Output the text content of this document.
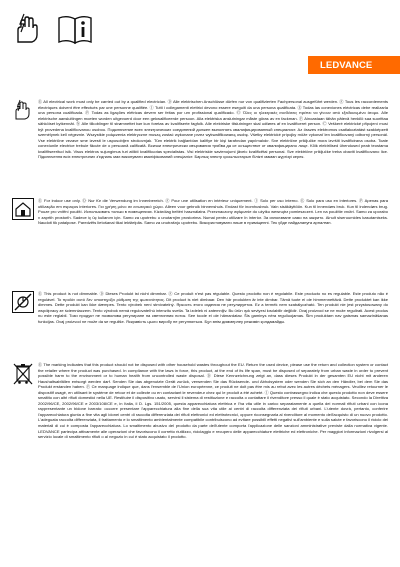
LEDVANCE
Ⓔ All electrical work must only be carried out by a qualified electrician. Ⓓ Alle elektrischen Anschlüsse dürfen nur von qualifizierten Fachpersonal ausgeführt werden. Ⓕ Tous les raccordements électriques doivent être effectués par une personne qualifiée. Ⓘ Tutti i collegamenti elettrici devono essere eseguiti da una persona qualificata. Ⓔ Todas las conexiones eléctricas debe realizarla una persona cualificada. Ⓟ Todas as ligações elétricas devem ser feitas por um profissional qualificado. Ⓖ Όλες οι ηλεκτρικές συνδέσεις πρέπει να γίνουν από εξειδικευμένο άτομο. Alle elektrische aansluitingen moeten worden uitgevoerd door een gekwalificeerde persoon. Alla elektriska anslutningar måste göras av en fackman. Ⓕ Ainoastaan tähän pätevä henkilö saa suorittaa sähköiset kytkennät. Ⓝ Alle tilkoblinger til strømnettet bør kun foretas av kvalifiserte fagfolk. Alle elektriske tilslutninger skal udføres af en kvalificeret person. Ⓒ Veškeré elektrické připojení musí být provedena kvalifikovanou osobou. Подключение всех электрических соединений должен выполнять квалифицированный специалист. Az összes elektromos csatlakoztatást szakképzett személynek kell végeznie. Wszystkie połączenia elektryczne muszą zostać wykonane przez wykwalifikowaną osobę. Všetky elektrické prípojky môže vykonať len kvalifikovaný odborný personál. Vse električne vezave sme izvesti le usposobljen strokovnjak. Tüm elektrik bağlantıları kalifiye bir kişi tarafından yapılmalıdır. Sve električne priključke mora izvršiti kvalificirana osoba. Toate conexiunile electrice trebuie făcute de o persoană calificată. Всички електрически свързвания трябва да се осъществят от квалифицирано лице. Kõik elektrilised ühendused peab teostama kvalifitseeritud isik. Visus elektros sujungimus turi atlikti kvalifikuotas specialistas. Visi elektriskie savienojumi jāveic kvalificētai personai. Sve električne priključke treba obaviti kvalifikovano lice. Підключення всіх електричних з'єднань має виконувати кваліфікований спеціаліст. Барлық электр қосылыстарын білікті маман жүргізуі керек.
Ⓔ For indoor use only. Ⓓ Nur für die Verwendung im Innenbereich. Ⓕ Pour une utilisation en intérieur uniquement. Ⓘ Solo per uso interno. Ⓔ Solo para uso en interiores. Ⓟ Apenas para utilização em espaços interiores. Για χρήση μόνο σε εσωτερικό χώρο. Alleen voor gebruik binnenshuis. Endast för inomhusbruk. Vain sisäkäyttöön. Kun til innendørs bruk. Kun til indendørs brug. Pouze pro vnitřní použití. Использовать только в помещениях. Kizárólag beltéri használatra. Przeznaczony wyłącznie do użytku wewnątrz pomieszczeń. Len na použitie vnútri. Samo za uporabo v zaprtih prostorih. Sadece iç üç kullanım için. Samo za upotrebu u unutarnjim prostorima. Numai pentru utilizare în interior. За използване само на закрито. Ainult siseruumides kasutamiseks. Naudoti tik patalpose. Paredzēts lietošanai tikai iekštelpās. Samo za unutrašnju upotrebu. Використовувати лише в приміщенні. Тек үйде пайдалануға арналған.
Ⓔ This product is not dimmable. Ⓓ Dieses Produkt ist nicht dimmbar. Ⓕ Ce produit n'est pas régulable. Questo prodotto non è regolabile. Este producto no es regulable. Este produto não é regulável. Το προϊόν αυτό δεν υποστηρίζει ρύθμιση της φωτεινότητας. Dit product is niet dimbaar. Den här produkten är inte dimbar. Tämä tuote ei ole himmennettävä. Dette produktet kan ikke dimmes. Dette produkt kan ikke dæmpes. Tento výrobek není stmívatelný. Яркость этого изделия не регулируется. Ez a termék nem szabályozható. Ten produkt nie jest przystosowany do współpracy ze ściemniaczem. Tento výrobok nemá regulovateľnú intenzitu svetla. Ta izdelek ni zatemnljiv. Bu ürün ışık seviyesi kısılabilir değildir. Ovaj proizvod se ne može regulirati. Acest produs nu este reglabil. Този продукт не позволява регулиране на светлинния поток. See toode ei ole hämardatav. Šis gaminys nėra reguliuojamas. Šim produktam nav gaismas samazināšanas funkcijas. Ovaj proizvod ne može da se reguliše. Яскравість цього виробу не регулюється. Бұл өнім диммерлеу режимін қолдамайды.
Ⓔ The marking indicates that this product should not be disposed with other household wastes throughout the EU. Return the used device, please use the return and collection system or contact the retailer where the product was purchased. In compliance with the laws in force, this product, at the end of its life span, must be disposed of separately from urban waste in order to prevent possible harm to the environment or to human health from uncontrolled waste disposal. Ⓓ Diese Kennzeichnung zeigt an, dass dieses Produkt in der gesamten EU nicht mit anderen Haushaltsabfällen entsorgt werden darf. Senden Sie das abgenutzte Gerät zurück, verwenden Sie das Rücksende- und Abholsystem oder wenden Sie sich an den Händler, bei dem Sie das Produkt erstanden haben. Ⓕ Ce marquage indique que, dans l'ensemble de l'Union européenne, ce produit ne doit pas être mis au rebut avec les autres déchets ménagers. Veuillez retourner le dispositif usagé, en utilisant le système de retour et de collecte ou en contactant le revendeur chez qui le produit a été acheté. Ⓘ Questo contrassegno indica che questo prodotto non deve essere smaltito con altri rifiuti domestici nella UE. Restituire il dispositivo usato, servirsi il sistema di restituzione e raccolta o contattare il rivenditore presso il quale è stato acquistato. Secondo la Direttiva 2002/96/CE, 2002/96/CE e 2003/108/CE e, in Italia, il D. Lgs. 151/2005, questa apparecchiatura elettrica e l'ha vita utile in carico separatamente a quella dei normali rifiuti urbani con icona rappresentante un bidone barrato: occorre presentare l'apparecchiatura alla fine della sua vita utile ai centri di raccolta differenziata dei rifiuti urbani. L'utente dovrà, pertanto, conferire l'apparecchiatura giunta a fine vita agli idonei centri di raccolta differenziata dei rifiuti elettronici ed elettrotecnici, oppure riconsegnarla al rivenditore al momento dell'acquisto di un nuovo prodotto. L'adeguata raccolta differenziata, il trattamento e lo smaltimento ambientalmente compatibile contribuiscono ad evitare possibili effetti negativi sull'ambiente e sulla salute e favoriscono il riciclo dei materiali di cui è composta l'apparecchiatura. Lo smaltimento abusivo del prodotto da parte dell'utente comporta l'applicazione delle sanzioni amministrative previste dalla normativa vigente. LEDVANCE partecipa attivamente alle operazioni che favoriscono il corretto riutilizzo, riciclaggio e recupero delle apparecchiature elettriche ed elettroniche. Per maggiori informazioni rivolgersi al servizio locale di smaltimento rifiuti o al negozio in cui è stato acquistato il prodotto.
